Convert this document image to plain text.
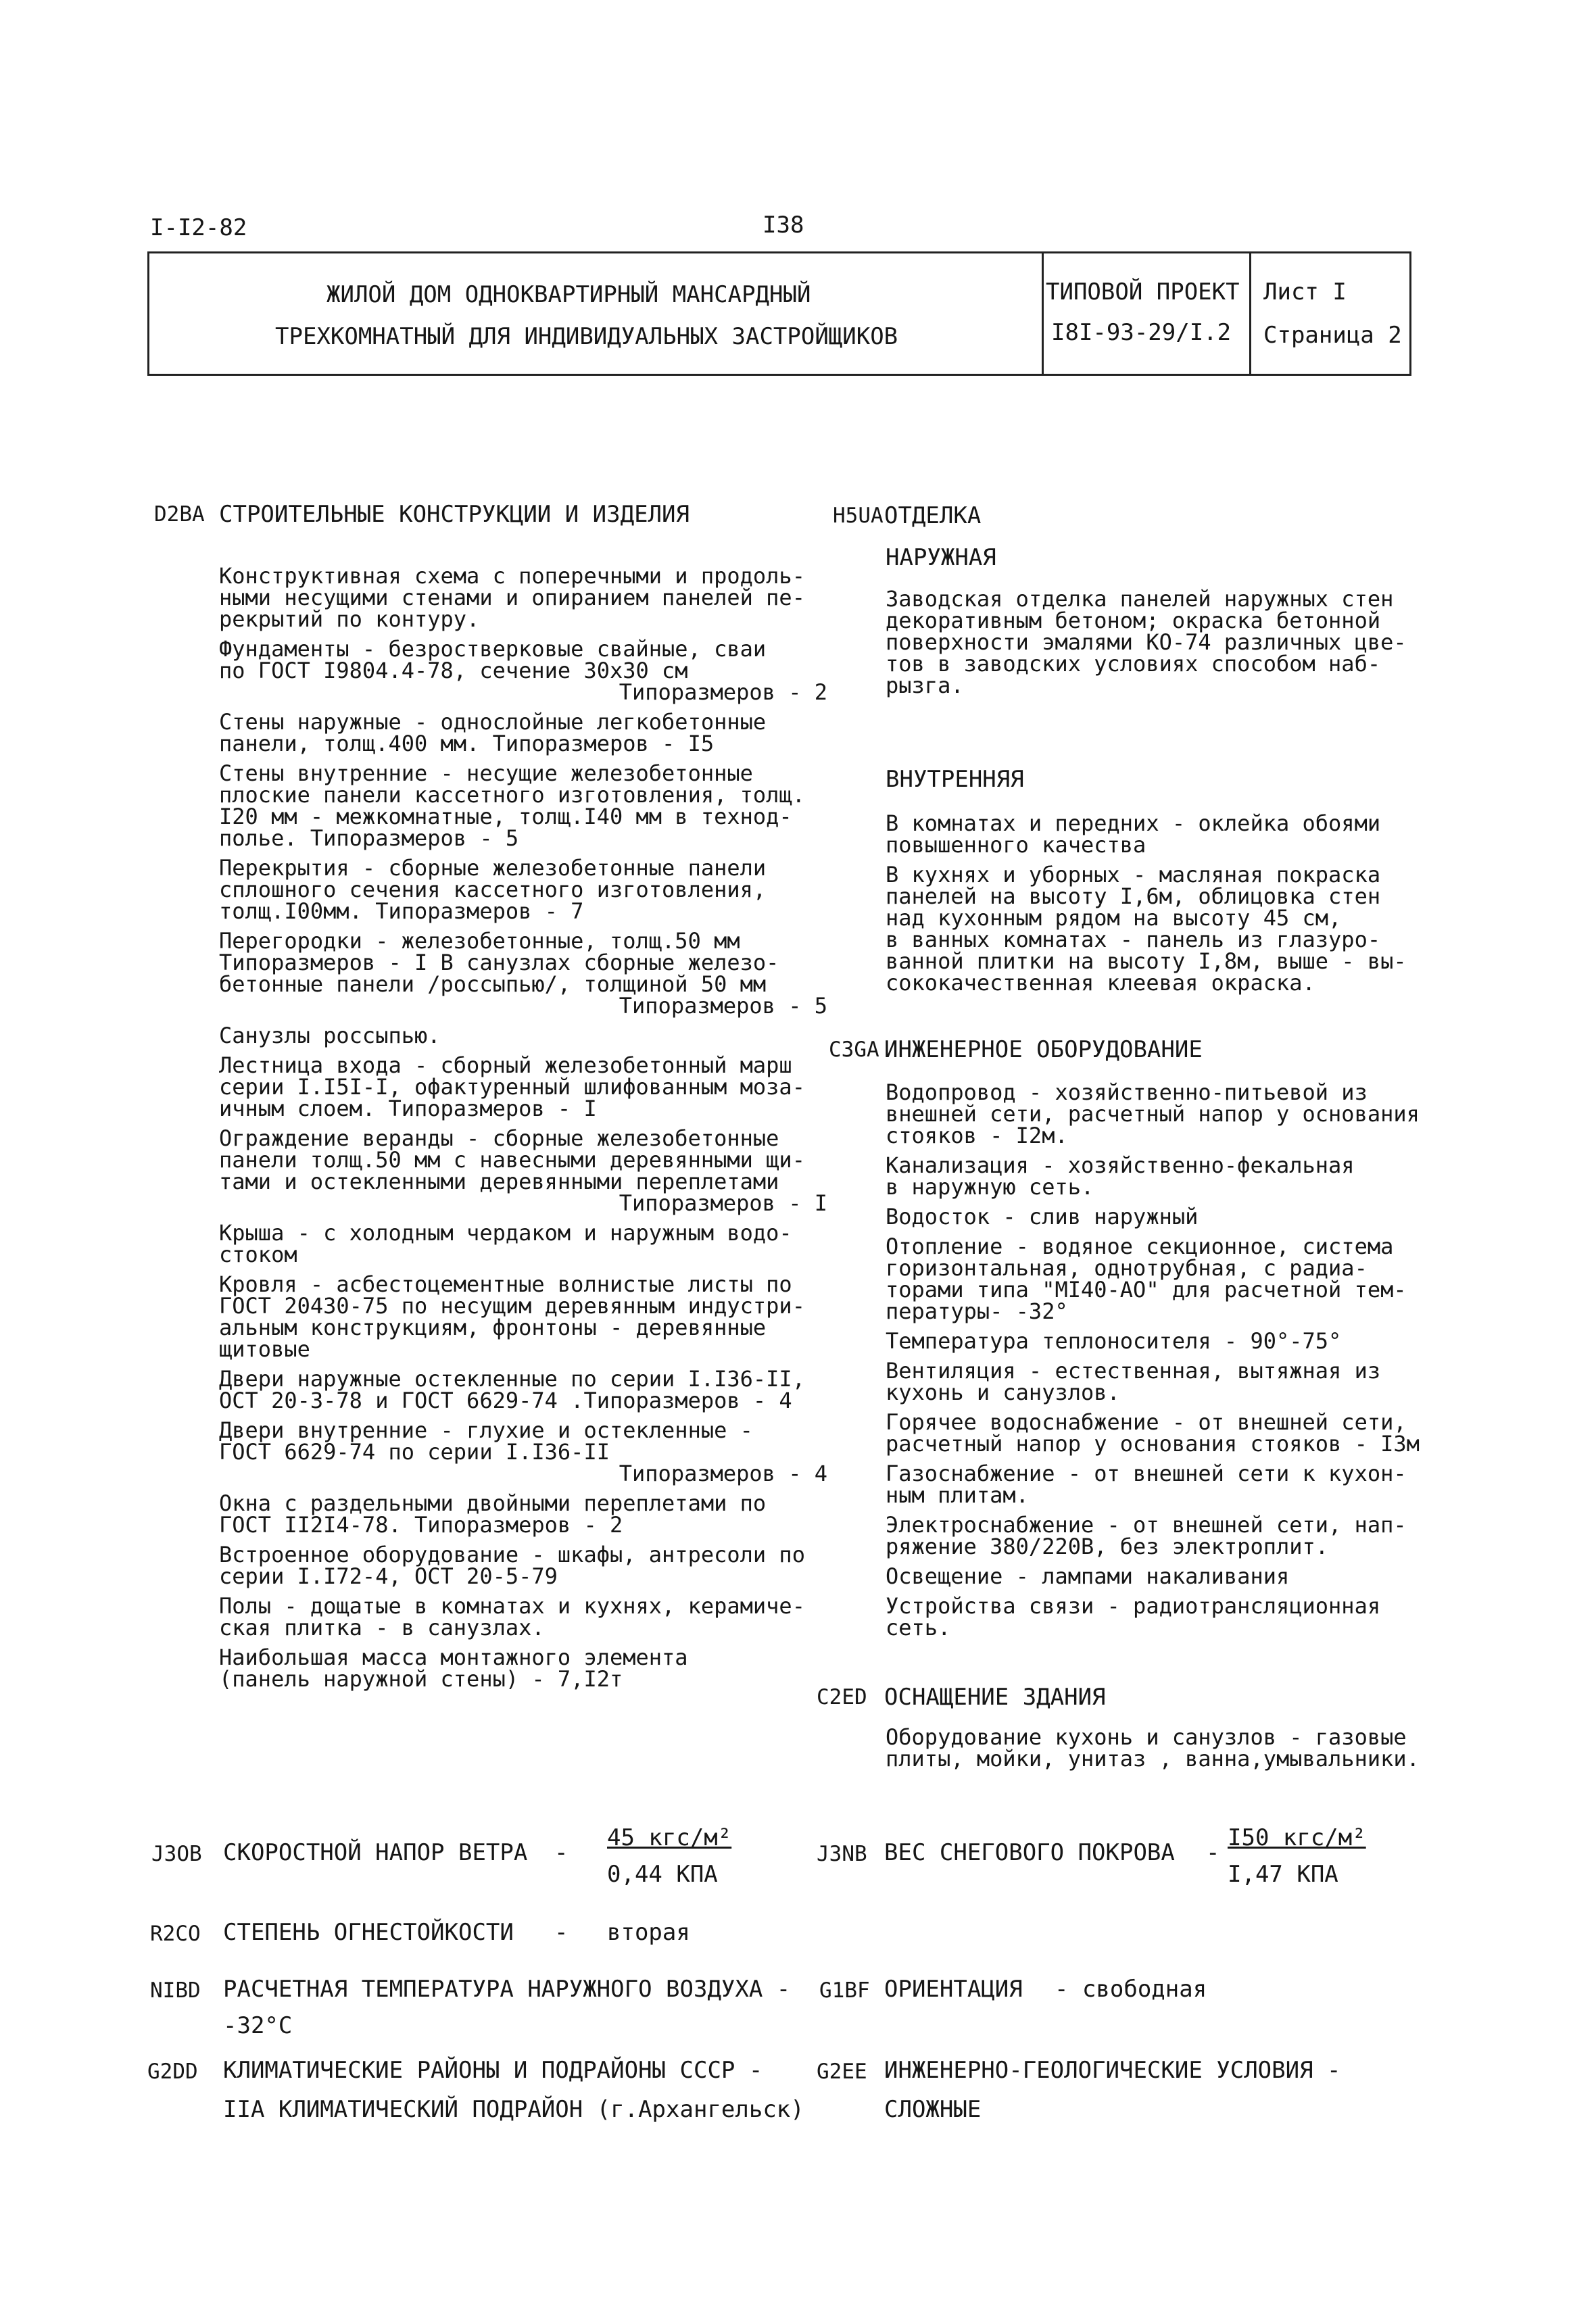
I-I2-82	I38
ЖИЛОЙ ДОМ ОДНОКВАРТИРНЫЙ МАНСАРДНЫЙ
ТРЕХКОМНАТНЫЙ ДЛЯ ИНДИВИДУАЛЬНЫХ ЗАСТРОЙЩИКОВ
ТИПОВОЙ ПРОЕКТ
I8I-93-29/I.2
Лист I
Страница 2
D2BA СТРОИТЕЛЬНЫЕ КОНСТРУКЦИИ И ИЗДЕЛИЯ
Конструктивная схема с поперечными и продоль-
ными несущими стенами и опиранием панелей пе-
рекрытий по контуру.
Фундаменты - безростверковые свайные, сваи
по ГОСТ I9804.4-78, сечение 30х30 см
Типоразмеров - 2
Стены наружные - однослойные легкобетонные
панели, толщ.400 мм. Типоразмеров - I5
Стены внутренние - несущие железобетонные
плоские панели кассетного изготовления, толщ.
I20 мм - межкомнатные, толщ.I40 мм в технод-
полье. Типоразмеров - 5
Перекрытия - сборные железобетонные панели
сплошного сечения кассетного изготовления,
толщ.I00мм. Типоразмеров - 7
Перегородки - железобетонные, толщ.50 мм
Типоразмеров - I В санузлах сборные железо-
бетонные панели /россыпью/, толщиной 50 мм
Типоразмеров - 5
Санузлы россыпью.
Лестница входа - сборный железобетонный марш
серии I.I5I-I, офактуренный шлифованным моза-
ичным слоем. Типоразмеров - I
Ограждение веранды - сборные железобетонные
панели толщ.50 мм с навесными деревянными щи-
тами и остекленными деревянными переплетами
Типоразмеров - I
Крыша - с холодным чердаком и наружным водо-
стоком
Кровля - асбестоцементные волнистые листы по
ГОСТ 20430-75 по несущим деревянным индустри-
альным конструкциям, фронтоны - деревянные
щитовые
Двери наружные остекленные по серии I.I36-II,
ОСТ 20-3-78 и ГОСТ 6629-74 .Типоразмеров - 4
Двери внутренние - глухие и остекленные -
ГОСТ 6629-74 по серии I.I36-II
Типоразмеров - 4
Окна с раздельными двойными переплетами по
ГОСТ II2I4-78. Типоразмеров - 2
Встроенное оборудование - шкафы, антресоли по
серии I.I72-4, ОСТ 20-5-79
Полы - дощатые в комнатах и кухнях, керамиче-
ская плитка - в санузлах.
Наибольшая масса монтажного элемента
(панель наружной стены) - 7,I2т
H5UA ОТДЕЛКА
НАРУЖНАЯ
Заводская отделка панелей наружных стен
декоративным бетоном; окраска бетонной
поверхности эмалями КО-74 различных цве-
тов в заводских условиях способом наб-
рызга.
ВНУТРЕННЯЯ
В комнатах и передних - оклейка обоями
повышенного качества
В кухнях и уборных - масляная покраска
панелей на высоту I,6м, облицовка стен
над кухонным рядом на высоту 45 см,
в ванных комнатах - панель из глазуро-
ванной плитки на высоту I,8м, выше - вы-
сококачественная клеевая окраска.
C3GA ИНЖЕНЕРНОЕ ОБОРУДОВАНИЕ
Водопровод - хозяйственно-питьевой из
внешней сети, расчетный напор у основания
стояков - I2м.
Канализация - хозяйственно-фекальная
в наружную сеть.
Водосток - слив наружный
Отопление - водяное секционное, система
горизонтальная, однотрубная, с радиа-
торами типа "МI40-АО" для расчетной тем-
пературы- -32°
Температура теплоносителя - 90°-75°
Вентиляция - естественная, вытяжная из
кухонь и санузлов.
Горячее водоснабжение - от внешней сети,
расчетный напор у основания стояков - I3м
Газоснабжение - от внешней сети к кухон-
ным плитам.
Электроснабжение - от внешней сети, нап-
ряжение 380/220В, без электроплит.
Освещение - лампами накаливания
Устройства связи - радиотрансляционная
сеть.
C2ED ОСНАЩЕНИЕ ЗДАНИЯ
Оборудование кухонь и санузлов - газовые
плиты, мойки, унитаз , ванна,умывальники.
J3OB СКОРОСТНОЙ НАПОР ВЕТРА -
45 кгс/м²
0,44 КПА
J3NB ВЕС СНЕГОВОГО ПОКРОВА -
I50 кгс/м²
I,47 КПА
R2CO СТЕПЕНЬ ОГНЕСТОЙКОСТИ - вторая
NIBD РАСЧЕТНАЯ ТЕМПЕРАТУРА НАРУЖНОГО ВОЗДУХА -
-32°С
G1BF ОРИЕНТАЦИЯ - свободная
G2DD КЛИМАТИЧЕСКИЕ РАЙОНЫ И ПОДРАЙОНЫ СССР -
IIА КЛИМАТИЧЕСКИЙ ПОДРАЙОН (г.Архангельск)
G2EE ИНЖЕНЕРНО-ГЕОЛОГИЧЕСКИЕ УСЛОВИЯ -
СЛОЖНЫЕ
